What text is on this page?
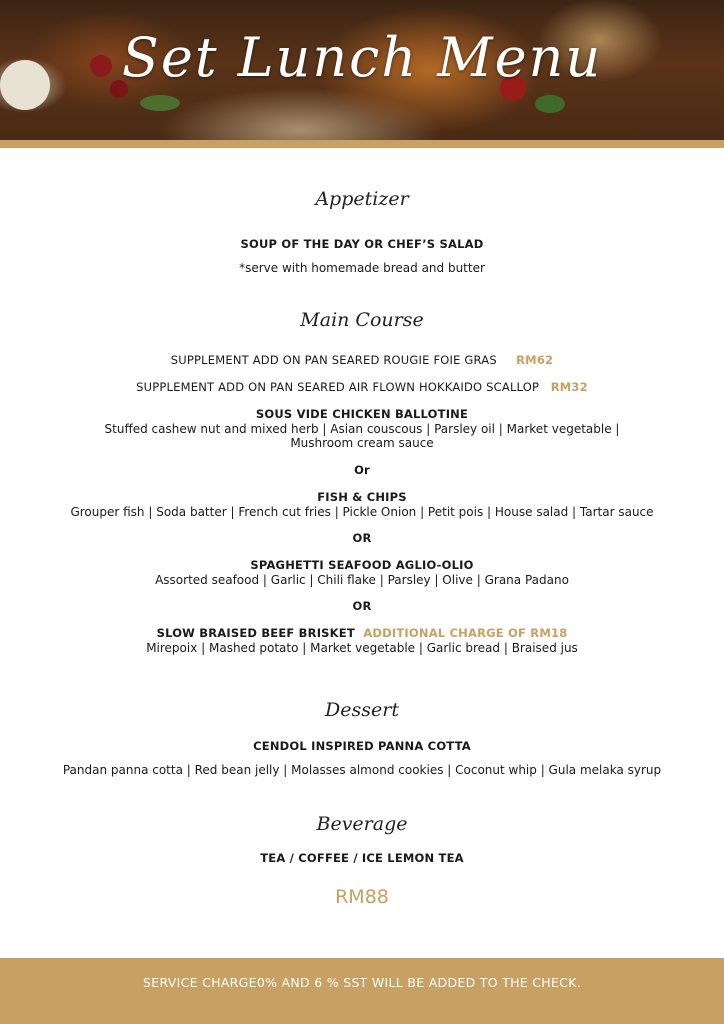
Set Lunch Menu
Appetizer
SOUP OF THE DAY OR CHEF’S SALAD
*serve with homemade bread and butter
Main Course
SUPPLEMENT ADD ON PAN SEARED ROUGIE FOIE GRAS RM62
SUPPLEMENT ADD ON PAN SEARED AIR FLOWN HOKKAIDO SCALLOP RM32
SOUS VIDE CHICKEN BALLOTINE
Stuffed cashew nut and mixed herb | Asian couscous | Parsley oil | Market vegetable |
Mushroom cream sauce
Or
FISH & CHIPS
Grouper fish | Soda batter | French cut fries | Pickle Onion | Petit pois | House salad | Tartar sauce
OR
SPAGHETTI SEAFOOD AGLIO-OLIO
Assorted seafood | Garlic | Chili flake | Parsley | Olive | Grana Padano
OR
SLOW BRAISED BEEF BRISKET ADDITIONAL CHARGE OF RM18
Mirepoix | Mashed potato | Market vegetable | Garlic bread | Braised jus
Dessert
CENDOL INSPIRED PANNA COTTA
Pandan panna cotta | Red bean jelly | Molasses almond cookies | Coconut whip | Gula melaka syrup
Beverage
TEA / COFFEE / ICE LEMON TEA
RM88
SERVICE CHARGE0% AND 6 % SST WILL BE ADDED TO THE CHECK.
